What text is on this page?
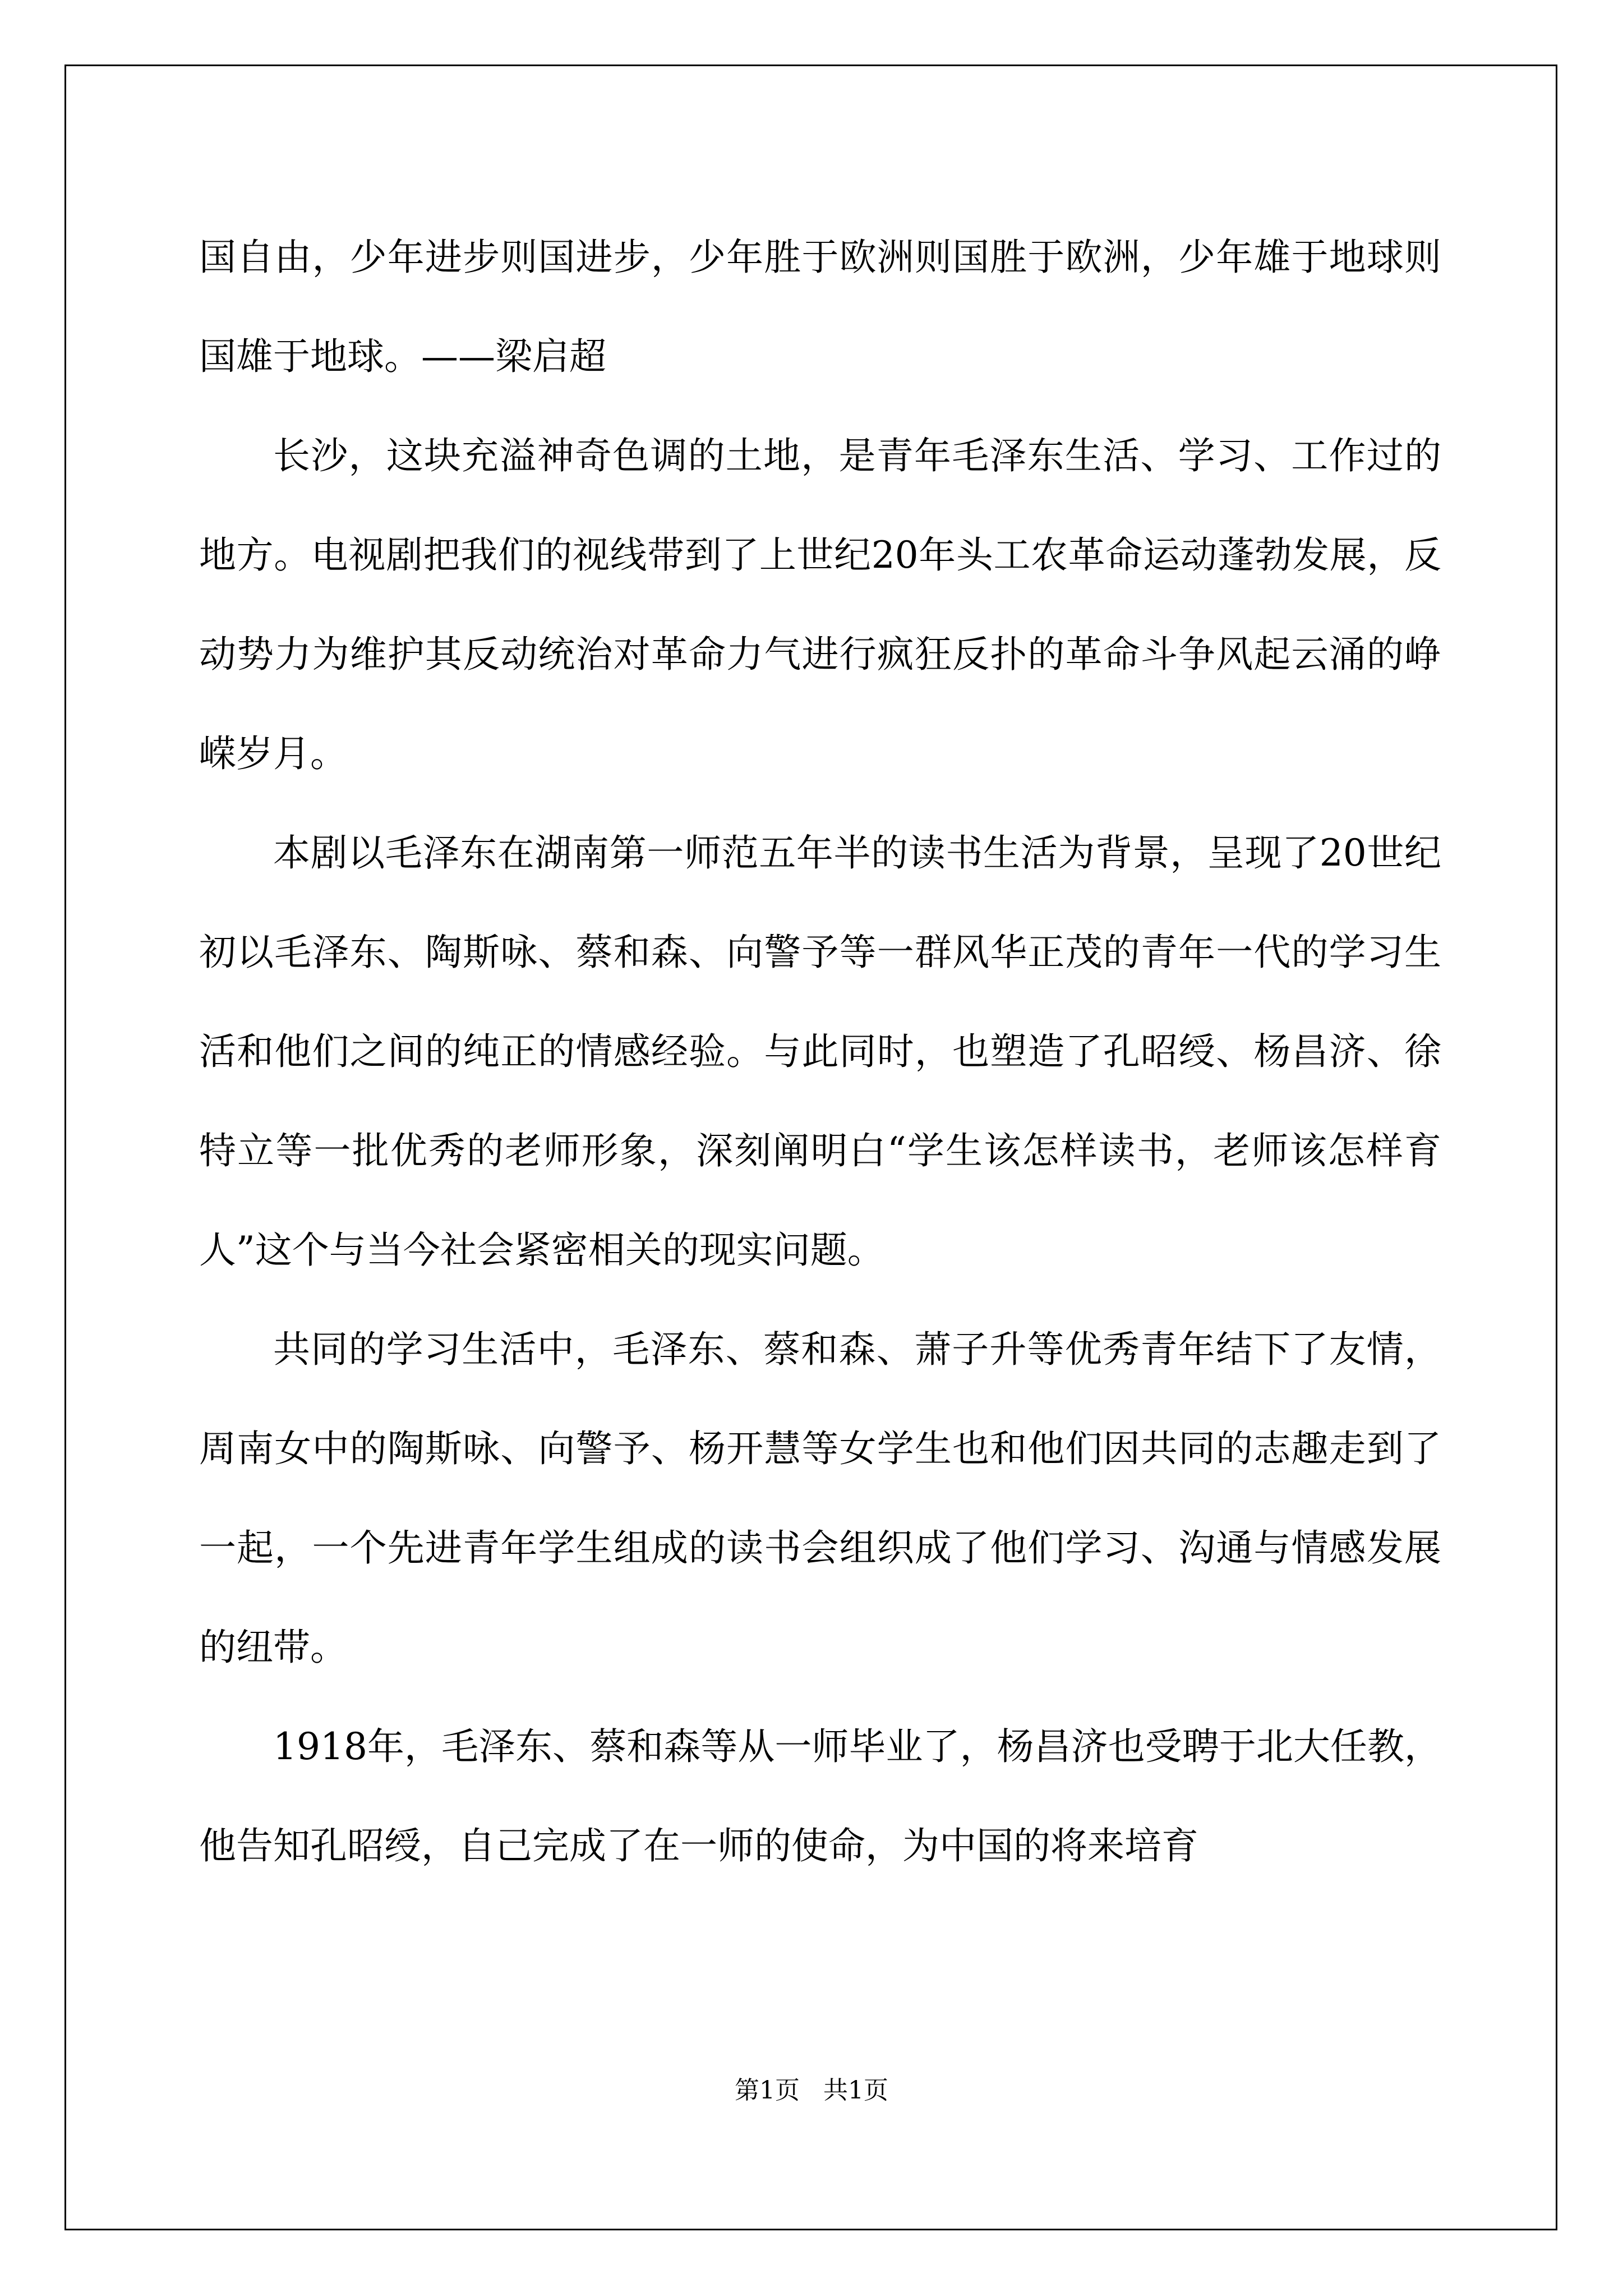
国自由，少年进步则国进步，少年胜于欧洲则国胜于欧洲，少年雄于地球则国雄于地球。——梁启超

长沙，这块充溢神奇色调的土地，是青年毛泽东生活、学习、工作过的地方。电视剧把我们的视线带到了上世纪20年头工农革命运动蓬勃发展，反动势力为维护其反动统治对革命力气进行疯狂反扑的革命斗争风起云涌的峥嵘岁月。

本剧以毛泽东在湖南第一师范五年半的读书生活为背景，呈现了20世纪初以毛泽东、陶斯咏、蔡和森、向警予等一群风华正茂的青年一代的学习生活和他们之间的纯正的情感经验。与此同时，也塑造了孔昭绶、杨昌济、徐特立等一批优秀的老师形象，深刻阐明白“学生该怎样读书，老师该怎样育人”这个与当今社会紧密相关的现实问题。

共同的学习生活中，毛泽东、蔡和森、萧子升等优秀青年结下了友情，周南女中的陶斯咏、向警予、杨开慧等女学生也和他们因共同的志趣走到了一起，一个先进青年学生组成的读书会组织成了他们学习、沟通与情感发展的纽带。

1918年，毛泽东、蔡和森等从一师毕业了，杨昌济也受聘于北大任教，他告知孔昭绶，自己完成了在一师的使命，为中国的将来培育

第1页   共1页
